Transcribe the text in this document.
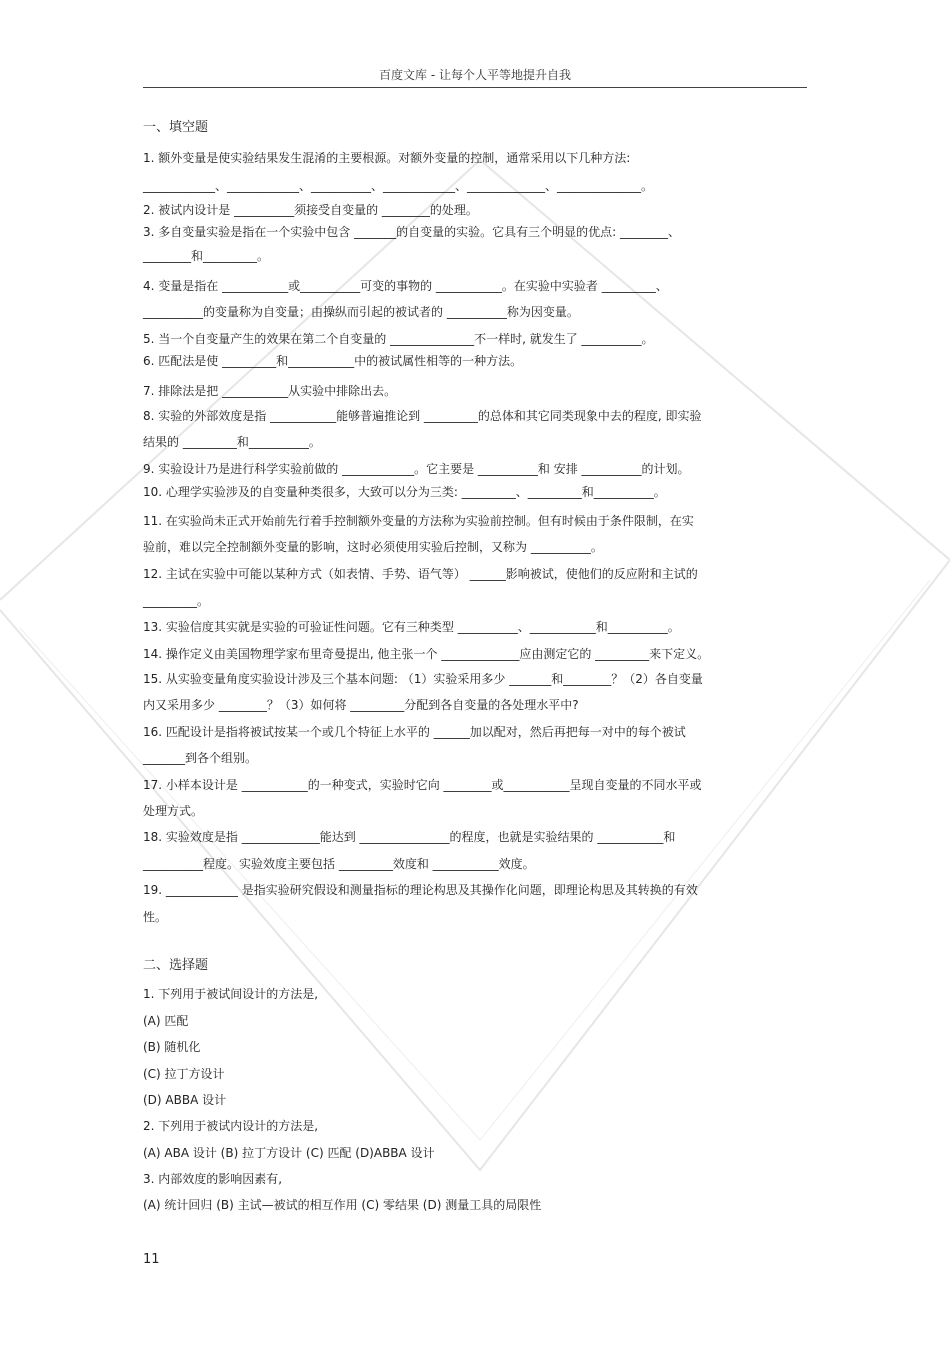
百度文库 - 让每个人平等地提升自我
一、填空题
1. 额外变量是使实验结果发生混淆的主要根源。对额外变量的控制，通常采用以下几种方法:
____________、____________、__________、____________、_____________、______________。
2. 被试内设计是 __________须接受自变量的 ________的处理。
3. 多自变量实验是指在一个实验中包含 _______的自变量的实验。它具有三个明显的优点: ________、
________和_________。
4. 变量是指在 ___________或__________可变的事物的 ___________。在实验中实验者 _________、
__________的变量称为自变量；由操纵而引起的被试者的 __________称为因变量。
5. 当一个自变量产生的效果在第二个自变量的 ______________不一样时, 就发生了 __________。
6. 匹配法是使 _________和___________中的被试属性相等的一种方法。
7. 排除法是把 ___________从实验中排除出去。
8. 实验的外部效度是指 ___________能够普遍推论到 _________的总体和其它同类现象中去的程度, 即实验
结果的 _________和__________。
9. 实验设计乃是进行科学实验前做的 ____________。它主要是 __________和 安排 __________的计划。
10. 心理学实验涉及的自变量种类很多，大致可以分为三类: _________、_________和__________。
11. 在实验尚未正式开始前先行着手控制额外变量的方法称为实验前控制。但有时候由于条件限制，在实
验前，难以完全控制额外变量的影响，这时必须使用实验后控制，又称为 __________。
12. 主试在实验中可能以某种方式（如表情、手势、语气等） ______影响被试，使他们的反应附和主试的
_________。
13. 实验信度其实就是实验的可验证性问题。它有三种类型 __________、___________和__________。
14. 操作定义由美国物理学家布里奇曼提出, 他主张一个 _____________应由测定它的 _________来下定义。
15. 从实验变量角度实验设计涉及三个基本问题: （1）实验采用多少 _______和________？（2）各自变量
内又采用多少 ________？（3）如何将 _________分配到各自变量的各处理水平中?
16. 匹配设计是指将被试按某一个或几个特征上水平的 ______加以配对，然后再把每一对中的每个被试
_______到各个组别。
17. 小样本设计是 ___________的一种变式，实验时它向 ________或___________呈现自变量的不同水平或
处理方式。
18. 实验效度是指 _____________能达到 _______________的程度，也就是实验结果的 ___________和
__________程度。实验效度主要包括 _________效度和 ___________效度。
19. ____________ 是指实验研究假设和测量指标的理论构思及其操作化问题，即理论构思及其转换的有效
性。
二、选择题
1. 下列用于被试间设计的方法是,
(A) 匹配
(B) 随机化
(C) 拉丁方设计
(D) ABBA 设计
2. 下列用于被试内设计的方法是,
(A) ABA 设计 (B) 拉丁方设计 (C) 匹配 (D)ABBA 设计
3. 内部效度的影响因素有,
(A) 统计回归 (B) 主试—被试的相互作用 (C) 零结果 (D) 测量工具的局限性
11
